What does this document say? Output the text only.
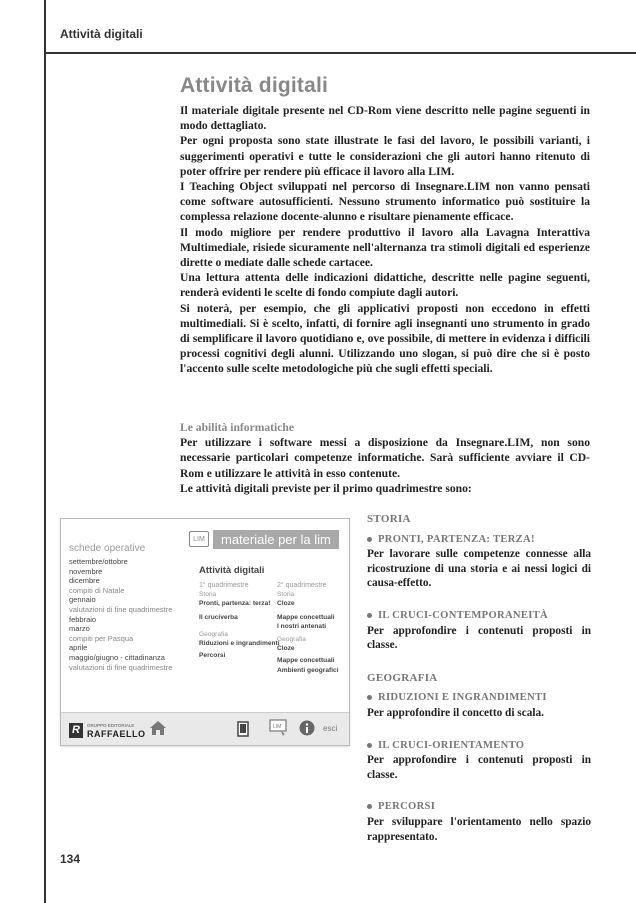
Attività digitali
Attività digitali

Il materiale digitale presente nel CD-Rom viene descritto nelle pagine seguenti in modo dettagliato.

Per ogni proposta sono state illustrate le fasi del lavoro, le possibili varianti, i suggerimenti operativi e tutte le considerazioni che gli autori hanno ritenuto di poter offrire per rendere più efficace il lavoro alla LIM.

I Teaching Object sviluppati nel percorso di Insegnare.LIM non vanno pensati come software autosufficienti. Nessuno strumento informatico può sostituire la complessa relazione docente-alunno e risultare pienamente efficace.

Il modo migliore per rendere produttivo il lavoro alla Lavagna Interattiva Multimediale, risiede sicuramente nell'alternanza tra stimoli digitali ed esperienze dirette o mediate dalle schede cartacee.

Una lettura attenta delle indicazioni didattiche, descritte nelle pagine seguenti, renderà evidenti le scelte di fondo compiute dagli autori.

Si noterà, per esempio, che gli applicativi proposti non eccedono in effetti multimediali. Si è scelto, infatti, di fornire agli insegnanti uno strumento in grado di semplificare il lavoro quotidiano e, ove possibile, di mettere in evidenza i difficili processi cognitivi degli alunni. Utilizzando uno slogan, si può dire che si è posto l'accento sulle scelte metodologiche più che sugli effetti speciali.

Le abilità informatiche

Per utilizzare i software messi a disposizione da Insegnare.LIM, non sono necessarie particolari competenze informatiche. Sarà sufficiente avviare il CD-Rom e utilizzare le attività in esso contenute.

Le attività digitali previste per il primo quadrimestre sono:

LIM	materiale per la lim
schede operative
settembre/ottobre
novembre
dicembre
compiti di Natale
gennaio
valutazioni di fine quadrimestre
febbraio
marzo
compiti per Pasqua
aprile
maggio/giugno - cittadinanza
valutazioni di fine quadrimestre
Attività digitali
1° quadrimestre
Storia
Pronti, partenza: terza!
Il cruciverba
Geografia
Riduzioni e ingrandimenti
Percorsi
2° quadrimestre
Storia
Cloze
Mappe concettuali
I nostri antenati
Geografia
Cloze
Mappe concettuali
Ambienti geografici
R	GRUPPO EDITORIALE
RAFFAELLO
LIM	esci
STORIA
PRONTI, PARTENZA: TERZA!
Per lavorare sulle competenze connesse alla ricostruzione di una storia e ai nessi logici di causa-effetto.
IL CRUCI-CONTEMPORANEITÀ
Per approfondire i contenuti proposti in classe.
GEOGRAFIA
RIDUZIONI E INGRANDIMENTI
Per approfondire il concetto di scala.
IL CRUCI-ORIENTAMENTO
Per approfondire i contenuti proposti in classe.
PERCORSI
Per sviluppare l'orientamento nello spazio rappresentato.
134
